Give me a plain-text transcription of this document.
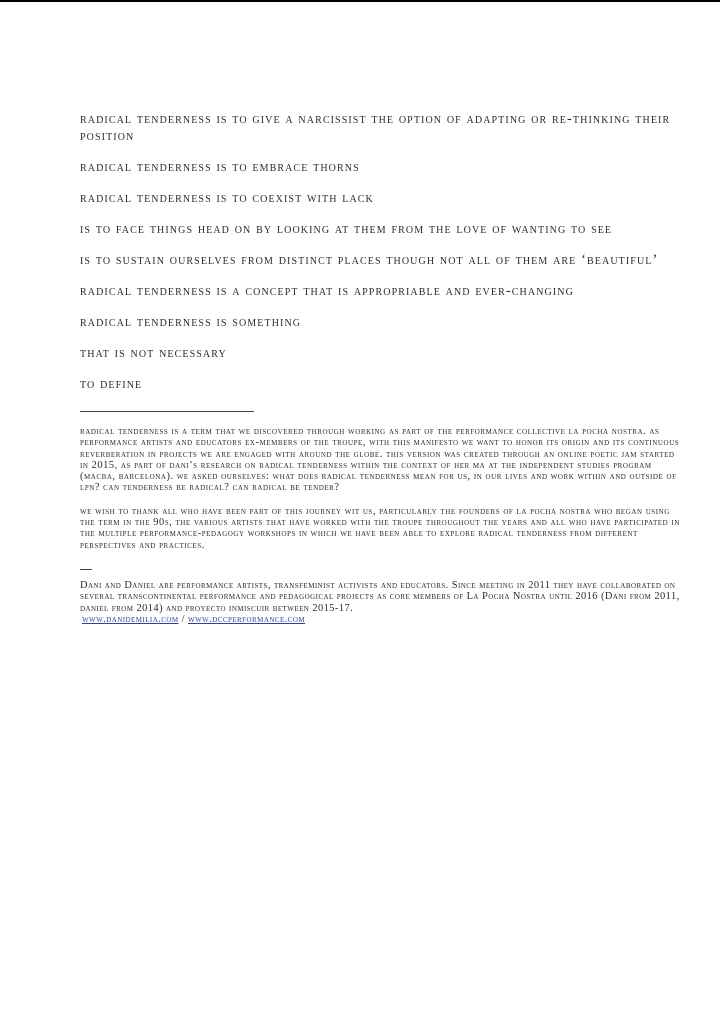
radical tenderness is to give a narcissist the option of adapting or re-thinking their position

radical tenderness is to embrace thorns

radical tenderness is to coexist with lack

is to face things head on by looking at them from the love of wanting to see

is to sustain ourselves from distinct places though not all of them are ‘beautiful’

radical tenderness is a concept that is appropriable and ever-changing

radical tenderness is something

that is not necessary

to define

radical tenderness is a term that we discovered through working as part of the performance collective la pocha nostra. as performance artists and educators ex-members of the troupe, with this manifesto we want to honor its origin and its continuous reverberation in projects we are engaged with around the globe. this version was created through an online poetic jam started in 2015, as part of dani’s research on radical tenderness within the context of her ma at the independent studies program (macba, barcelona). we asked ourselves: what does radical tenderness mean for us, in our lives and work within and outside of lpn? can tenderness be radical? can radical be tender?

we wish to thank all who have been part of this journey wit us, particularly the founders of la pocha nostra who began using the term in the 90s, the various artists that have worked with the troupe throughout the years and all who have participated in the multiple performance-pedagogy workshops in which we have been able to explore radical tenderness from different perspectives and practices.

Dani and Daniel are performance artists, transfeminist activists and educators. Since meeting in 2011 they have collaborated on several transcontinental performance and pedagogical projects as core members of La Pocha Nostra until 2016 (Dani from 2011, daniel from 2014) and proyecto inmiscuir between 2015-17.

www.danidemilia.com / www.dccperformance.com
